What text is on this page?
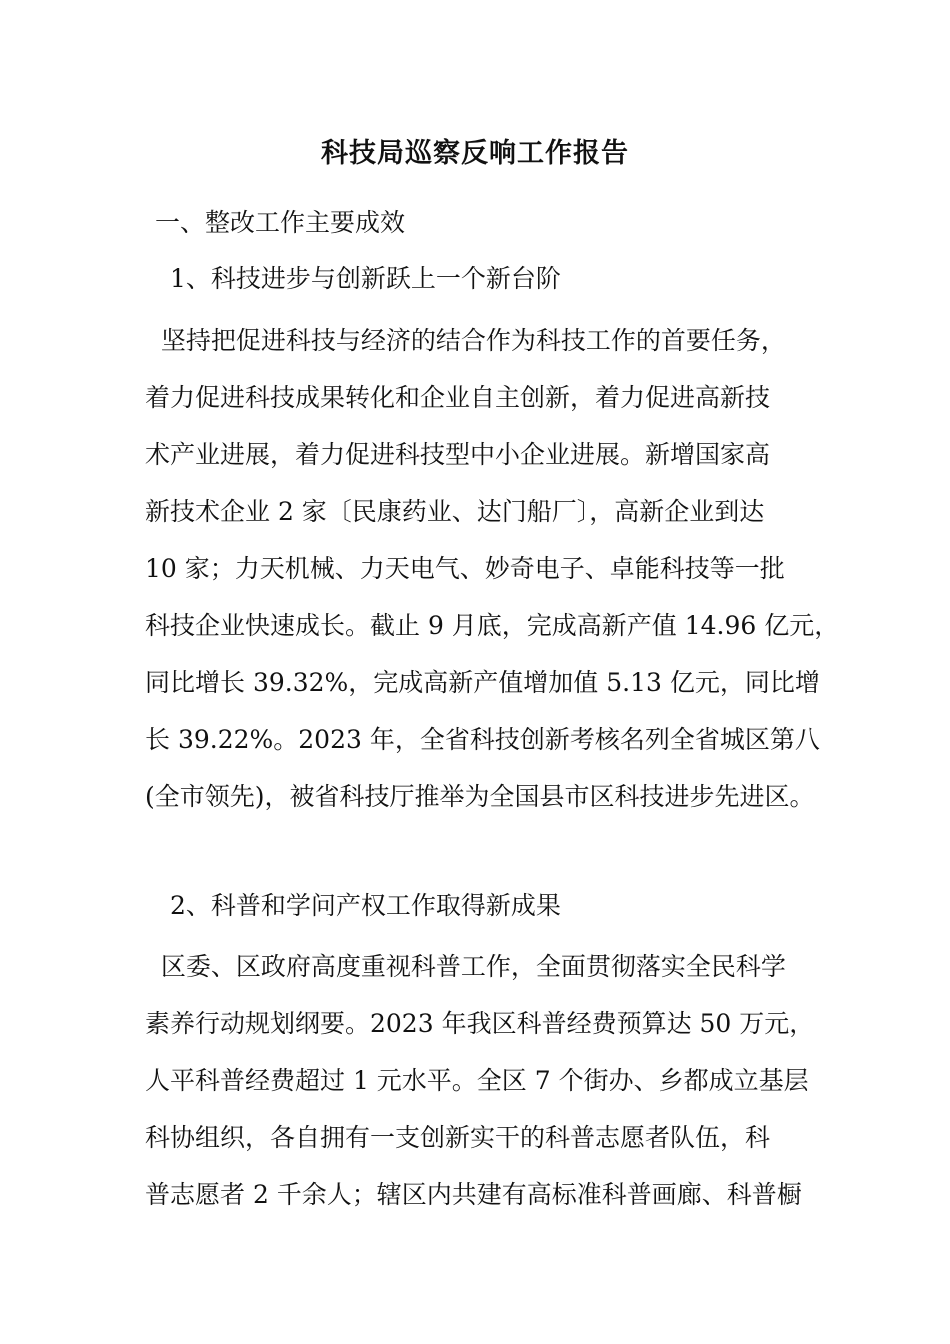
科技局巡察反响工作报告
一、整改工作主要成效
1、科技进步与创新跃上一个新台阶
坚持把促进科技与经济的结合作为科技工作的首要任务，
着力促进科技成果转化和企业自主创新，着力促进高新技
术产业进展，着力促进科技型中小企业进展。新增国家高
新技术企业 2 家〔民康药业、达门船厂〕，高新企业到达
10 家；力天机械、力天电气、妙奇电子、卓能科技等一批
科技企业快速成长。截止 9 月底，完成高新产值 14.96 亿元，
同比增长 39.32%，完成高新产值增加值 5.13 亿元，同比增
长 39.22%。2023 年，全省科技创新考核名列全省城区第八
(全市领先)，被省科技厅推举为全国县市区科技进步先进区。
2、科普和学问产权工作取得新成果
区委、区政府高度重视科普工作，全面贯彻落实全民科学
素养行动规划纲要。2023 年我区科普经费预算达 50 万元，
人平科普经费超过 1 元水平。全区 7 个街办、乡都成立基层
科协组织，各自拥有一支创新实干的科普志愿者队伍，科
普志愿者 2 千余人；辖区内共建有高标准科普画廊、科普橱
